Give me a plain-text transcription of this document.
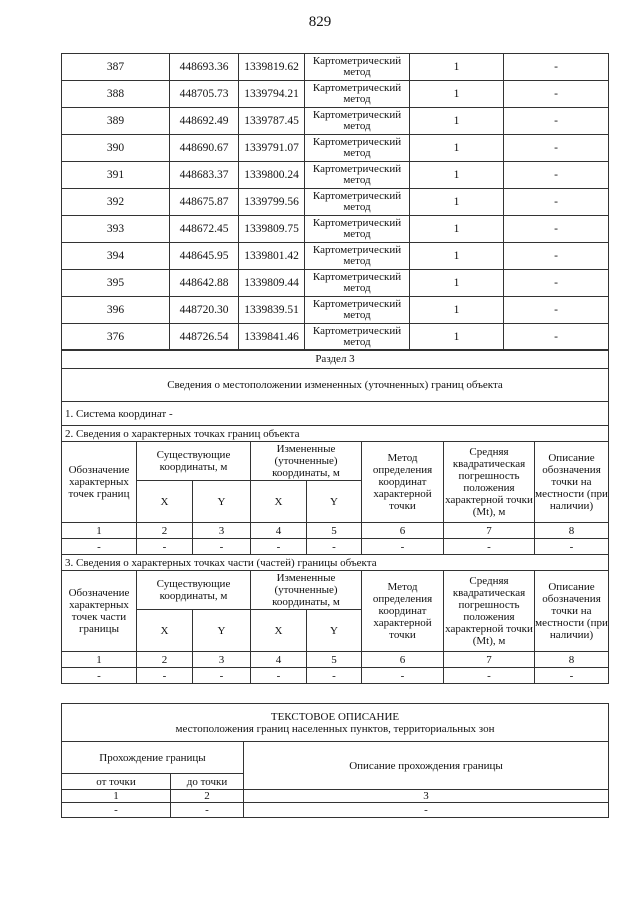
829
387	448693.36	1339819.62	Картометрический метод	1	-
388	448705.73	1339794.21	Картометрический метод	1	-
389	448692.49	1339787.45	Картометрический метод	1	-
390	448690.67	1339791.07	Картометрический метод	1	-
391	448683.37	1339800.24	Картометрический метод	1	-
392	448675.87	1339799.56	Картометрический метод	1	-
393	448672.45	1339809.75	Картометрический метод	1	-
394	448645.95	1339801.42	Картометрический метод	1	-
395	448642.88	1339809.44	Картометрический метод	1	-
396	448720.30	1339839.51	Картометрический метод	1	-
376	448726.54	1339841.46	Картометрический метод	1	-
Раздел 3							
Сведения о местоположении измененных (уточненных) границ объекта							
1. Система координат -							
2. Сведения о характерных точках границ объекта							
Обозначение характерных точек границ	Существующие координаты, м		Измененные (уточненные) координаты, м		Метод определения координат характерной точки	Средняя квадратическая погрешность положения характерной точки (Mt), м	Описание обозначения точки на местности (при наличии)
	X	Y	X	Y			
1	2	3	4	5	6	7	8
-	-	-	-	-	-	-	-
3. Сведения о характерных точках части (частей) границы объекта							
Обозначение характерных точек части границы	Существующие координаты, м		Измененные (уточненные) координаты, м		Метод определения координат характерной точки	Средняя квадратическая погрешность положения характерной точки (Mt), м	Описание обозначения точки на местности (при наличии)
	X	Y	X	Y			
1	2	3	4	5	6	7	8
-	-	-	-	-	-	-	-
ТЕКСТОВОЕ ОПИСАНИЕ
местоположения границ населенных пунктов, территориальных зон		

Прохождение границы		Описание прохождения границы
от точки	до точки	
1	2	3
-	-	-
